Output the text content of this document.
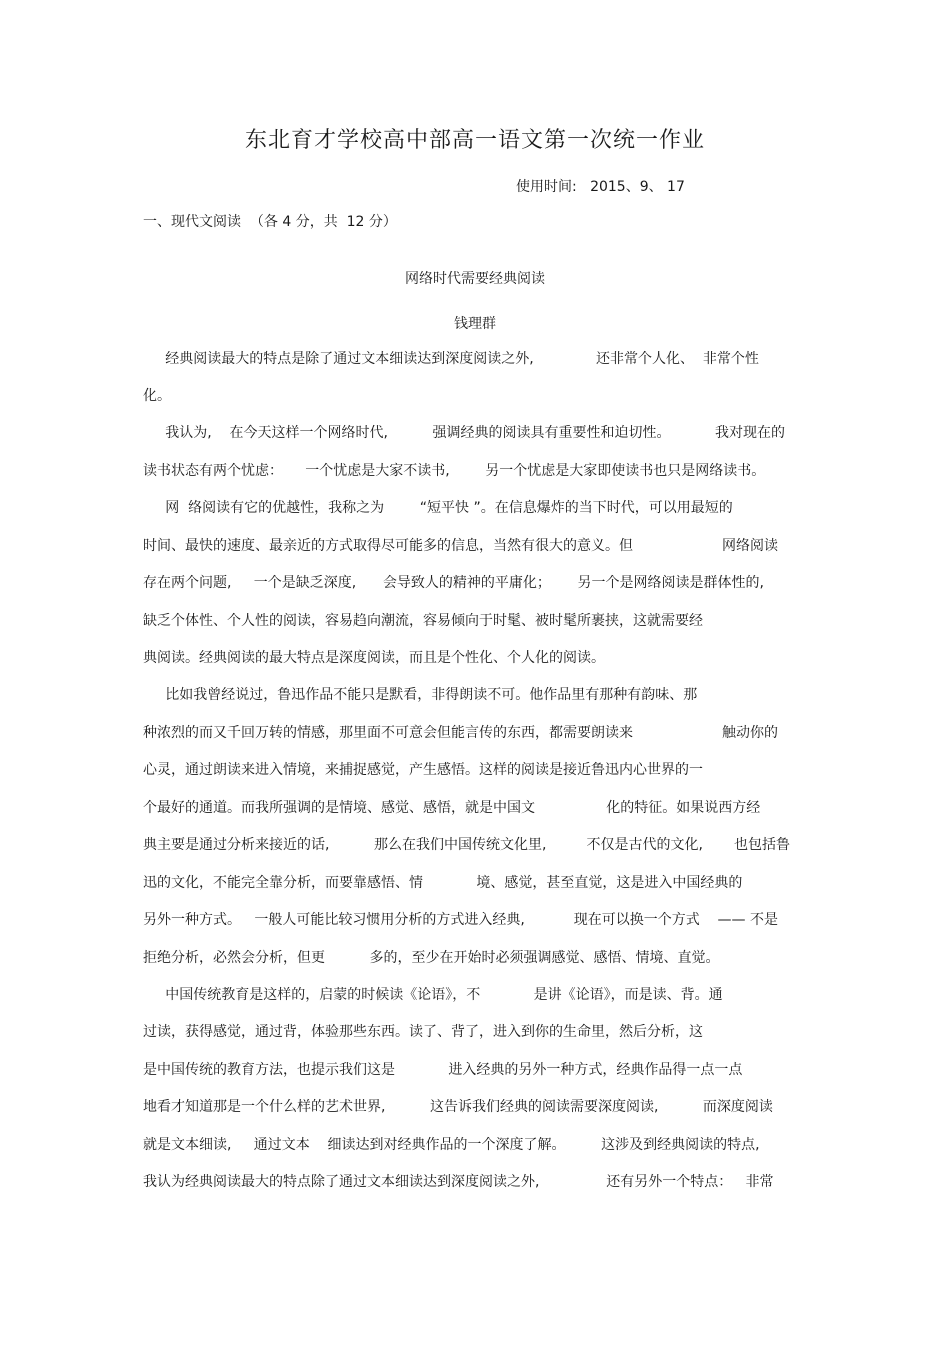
东北育才学校高中部高一语文第一次统一作业
使用时间:   2015、9、 17
一、现代文阅读  （各 4 分，共  12 分）
网络时代需要经典阅读
钱理群
经典阅读最大的特点是除了通过文本细读达到深度阅读之外,              还非常个人化、  非常个性
化。
我认为,    在今天这样一个网络时代,          强调经典的阅读具有重要性和迫切性。          我对现在的
读书状态有两个忧虑：     一个忧虑是大家不读书,        另一个忧虑是大家即使读书也只是网络读书。
网  络阅读有它的优越性，我称之为        “短平快 ”。在信息爆炸的当下时代，可以用最短的
时间、最快的速度、最亲近的方式取得尽可能多的信息，当然有很大的意义。但                    网络阅读
存在两个问题,     一个是缺乏深度,      会导致人的精神的平庸化；      另一个是网络阅读是群体性的,
缺乏个体性、个人性的阅读，容易趋向潮流，容易倾向于时髦、被时髦所裹挟，这就需要经
典阅读。经典阅读的最大特点是深度阅读，而且是个性化、个人化的阅读。
比如我曾经说过，鲁迅作品不能只是默看，非得朗读不可。他作品里有那种有韵味、那
种浓烈的而又千回万转的情感，那里面不可意会但能言传的东西，都需要朗读来                    触动你的
心灵，通过朗读来进入情境，来捕捉感觉，产生感悟。这样的阅读是接近鲁迅内心世界的一
个最好的通道。而我所强调的是情境、感觉、感悟，就是中国文                化的特征。如果说西方经
典主要是通过分析来接近的话,          那么在我们中国传统文化里,         不仅是古代的文化,       也包括鲁
迅的文化，不能完全靠分析，而要靠感悟、情            境、感觉，甚至直觉，这是进入中国经典的
另外一种方式。   一般人可能比较习惯用分析的方式进入经典,           现在可以换一个方式    —— 不是
拒绝分析，必然会分析，但更          多的，至少在开始时必须强调感觉、感悟、情境、直觉。
中国传统教育是这样的，启蒙的时候读《论语》，不            是讲《论语》，而是读、背。通
过读，获得感觉，通过背，体验那些东西。读了、背了，进入到你的生命里，然后分析，这
是中国传统的教育方法，也提示我们这是            进入经典的另外一种方式，经典作品得一点一点
地看才知道那是一个什么样的艺术世界,          这告诉我们经典的阅读需要深度阅读,          而深度阅读
就是文本细读,     通过文本    细读达到对经典作品的一个深度了解。        这涉及到经典阅读的特点,
我认为经典阅读最大的特点除了通过文本细读达到深度阅读之外,               还有另外一个特点：   非常
